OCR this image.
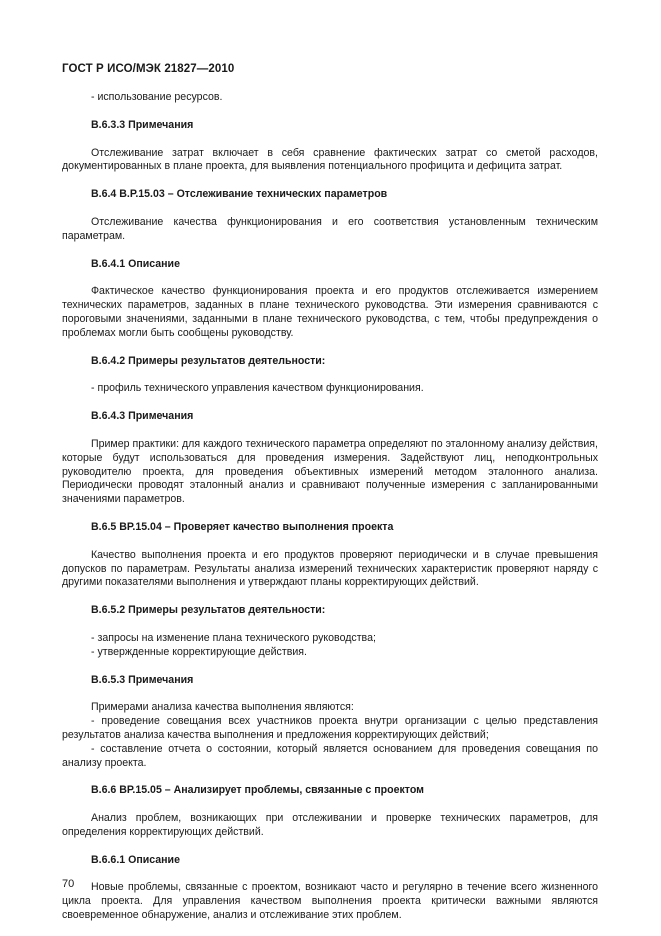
ГОСТ Р ИСО/МЭК 21827—2010

- использование ресурсов.

В.6.3.3 Примечания

Отслеживание затрат включает в себя сравнение фактических затрат со сметой расходов, документированных в плане проекта, для выявления потенциального профицита и дефицита затрат.

В.6.4 В.Р.15.03 – Отслеживание технических параметров

Отслеживание качества функционирования и его соответствия установленным техническим параметрам.

В.6.4.1 Описание

Фактическое качество функционирования проекта и его продуктов отслеживается измерением технических параметров, заданных в плане технического руководства. Эти измерения сравниваются с пороговыми значениями, заданными в плане технического руководства, с тем, чтобы предупреждения о проблемах могли быть сообщены руководству.

В.6.4.2 Примеры результатов деятельности:

- профиль технического управления качеством функционирования.

В.6.4.3 Примечания

Пример практики: для каждого технического параметра определяют по эталонному анализу действия, которые будут использоваться для проведения измерения. Задействуют лиц, неподконтрольных руководителю проекта, для проведения объективных измерений методом эталонного анализа. Периодически проводят эталонный анализ и сравнивают полученные измерения с запланированными значениями параметров.

В.6.5 ВР.15.04 – Проверяет качество выполнения проекта

Качество выполнения проекта и его продуктов проверяют периодически и в случае превышения допусков по параметрам. Результаты анализа измерений технических характеристик проверяют наряду с другими показателями выполнения и утверждают планы корректирующих действий.

В.6.5.2 Примеры результатов деятельности:

- запросы на изменение плана технического руководства;

- утвержденные корректирующие действия.

В.6.5.3 Примечания

Примерами анализа качества выполнения являются:

- проведение совещания всех участников проекта внутри организации с целью представления результатов анализа качества выполнения и предложения корректирующих действий;

- составление отчета о состоянии, который является основанием для проведения совещания по анализу проекта.

В.6.6 ВР.15.05 – Анализирует проблемы, связанные с проектом

Анализ проблем, возникающих при отслеживании и проверке технических параметров, для определения корректирующих действий.

В.6.6.1 Описание

Новые проблемы, связанные с проектом, возникают часто и регулярно в течение всего жизненного цикла проекта. Для управления качеством выполнения проекта критически важными являются своевременное обнаружение, анализ и отслеживание этих проблем.

70
